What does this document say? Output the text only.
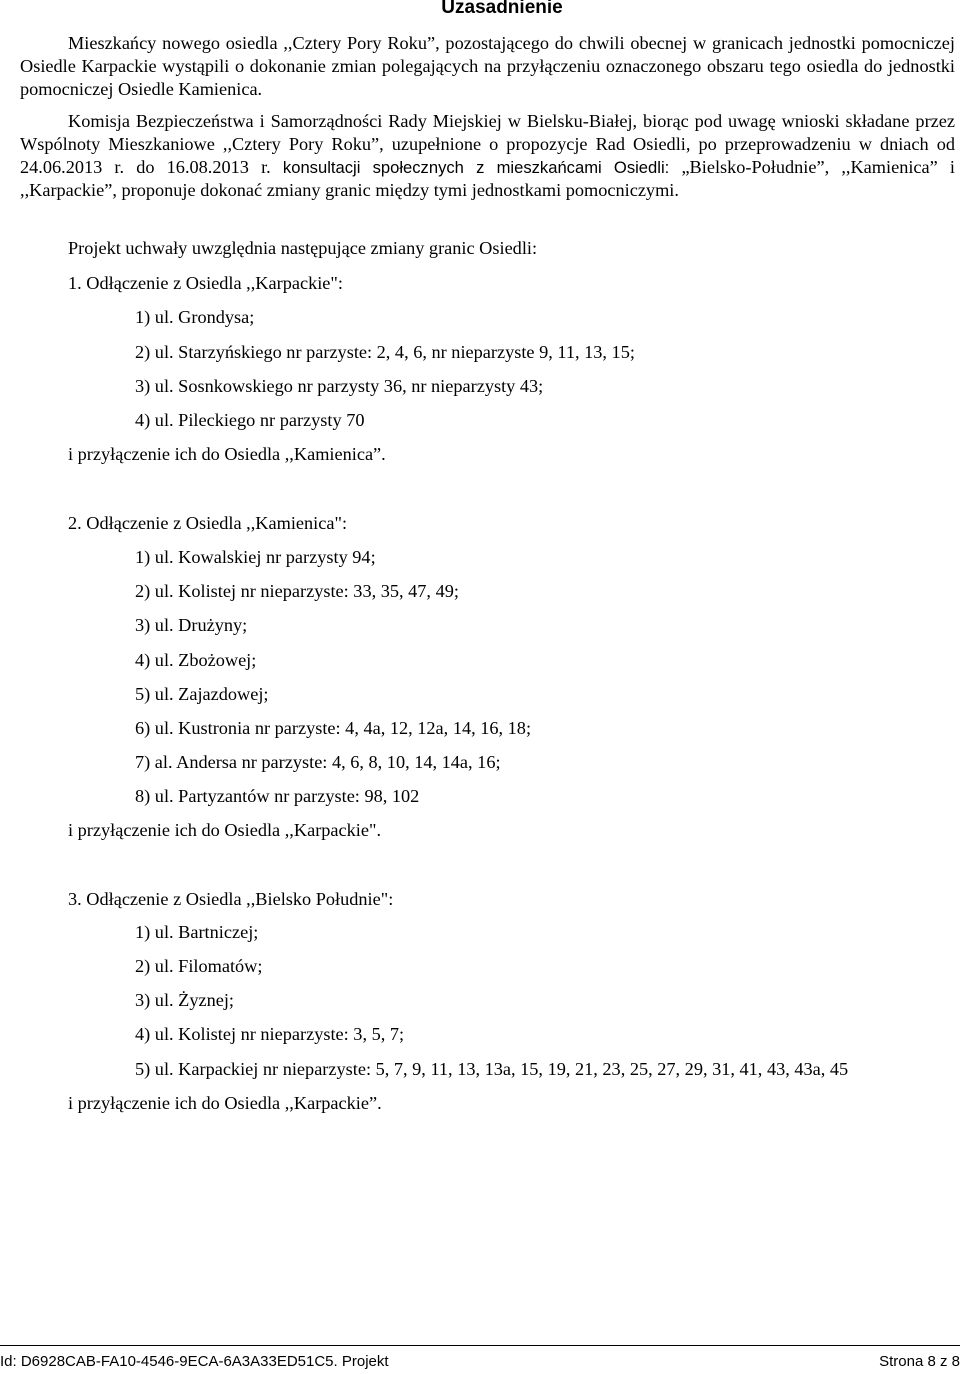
Uzasadnienie
Mieszkańcy nowego osiedla ,,Cztery Pory Roku”, pozostającego do chwili obecnej w granicach jednostki pomocniczej Osiedle Karpackie wystąpili o dokonanie zmian polegających na przyłączeniu oznaczonego obszaru tego osiedla do jednostki pomocniczej Osiedle Kamienica.
Komisja Bezpieczeństwa i Samorządności Rady Miejskiej w Bielsku-Białej, biorąc pod uwagę wnioski składane przez Wspólnoty Mieszkaniowe ,,Cztery Pory Roku”, uzupełnione o propozycje Rad Osiedli, po przeprowadzeniu w dniach od 24.06.2013 r. do 16.08.2013 r. konsultacji społecznych z mieszkańcami Osiedli: „Bielsko-Południe”, ,,Kamienica” i ,,Karpackie”, proponuje dokonać zmiany granic między tymi jednostkami pomocniczymi.
Projekt uchwały uwzględnia następujące zmiany granic Osiedli:
1. Odłączenie z Osiedla ,,Karpackie":
1) ul. Grondysa;
2) ul. Starzyńskiego nr parzyste: 2, 4, 6, nr nieparzyste 9, 11, 13, 15;
3) ul. Sosnkowskiego nr parzysty 36, nr nieparzysty 43;
4) ul. Pileckiego nr parzysty 70
i przyłączenie ich do Osiedla ,,Kamienica”.
2. Odłączenie z Osiedla ,,Kamienica":
1) ul. Kowalskiej nr parzysty 94;
2) ul. Kolistej nr nieparzyste: 33, 35, 47, 49;
3) ul. Drużyny;
4) ul. Zbożowej;
5) ul. Zajazdowej;
6) ul. Kustronia nr parzyste: 4, 4a, 12, 12a, 14, 16, 18;
7) al. Andersa nr parzyste: 4, 6, 8, 10, 14, 14a, 16;
8) ul. Partyzantów nr parzyste: 98, 102
i przyłączenie ich do Osiedla ,,Karpackie".
3. Odłączenie z Osiedla ,,Bielsko Południe":
1) ul. Bartniczej;
2) ul. Filomatów;
3) ul. Żyznej;
4) ul. Kolistej nr nieparzyste: 3, 5, 7;
5) ul. Karpackiej nr nieparzyste: 5, 7, 9, 11, 13, 13a, 15, 19, 21, 23, 25, 27, 29, 31, 41, 43, 43a, 45
i przyłączenie ich do Osiedla ,,Karpackie”.
Id: D6928CAB-FA10-4546-9ECA-6A3A33ED51C5. Projekt	Strona 8 z 8
